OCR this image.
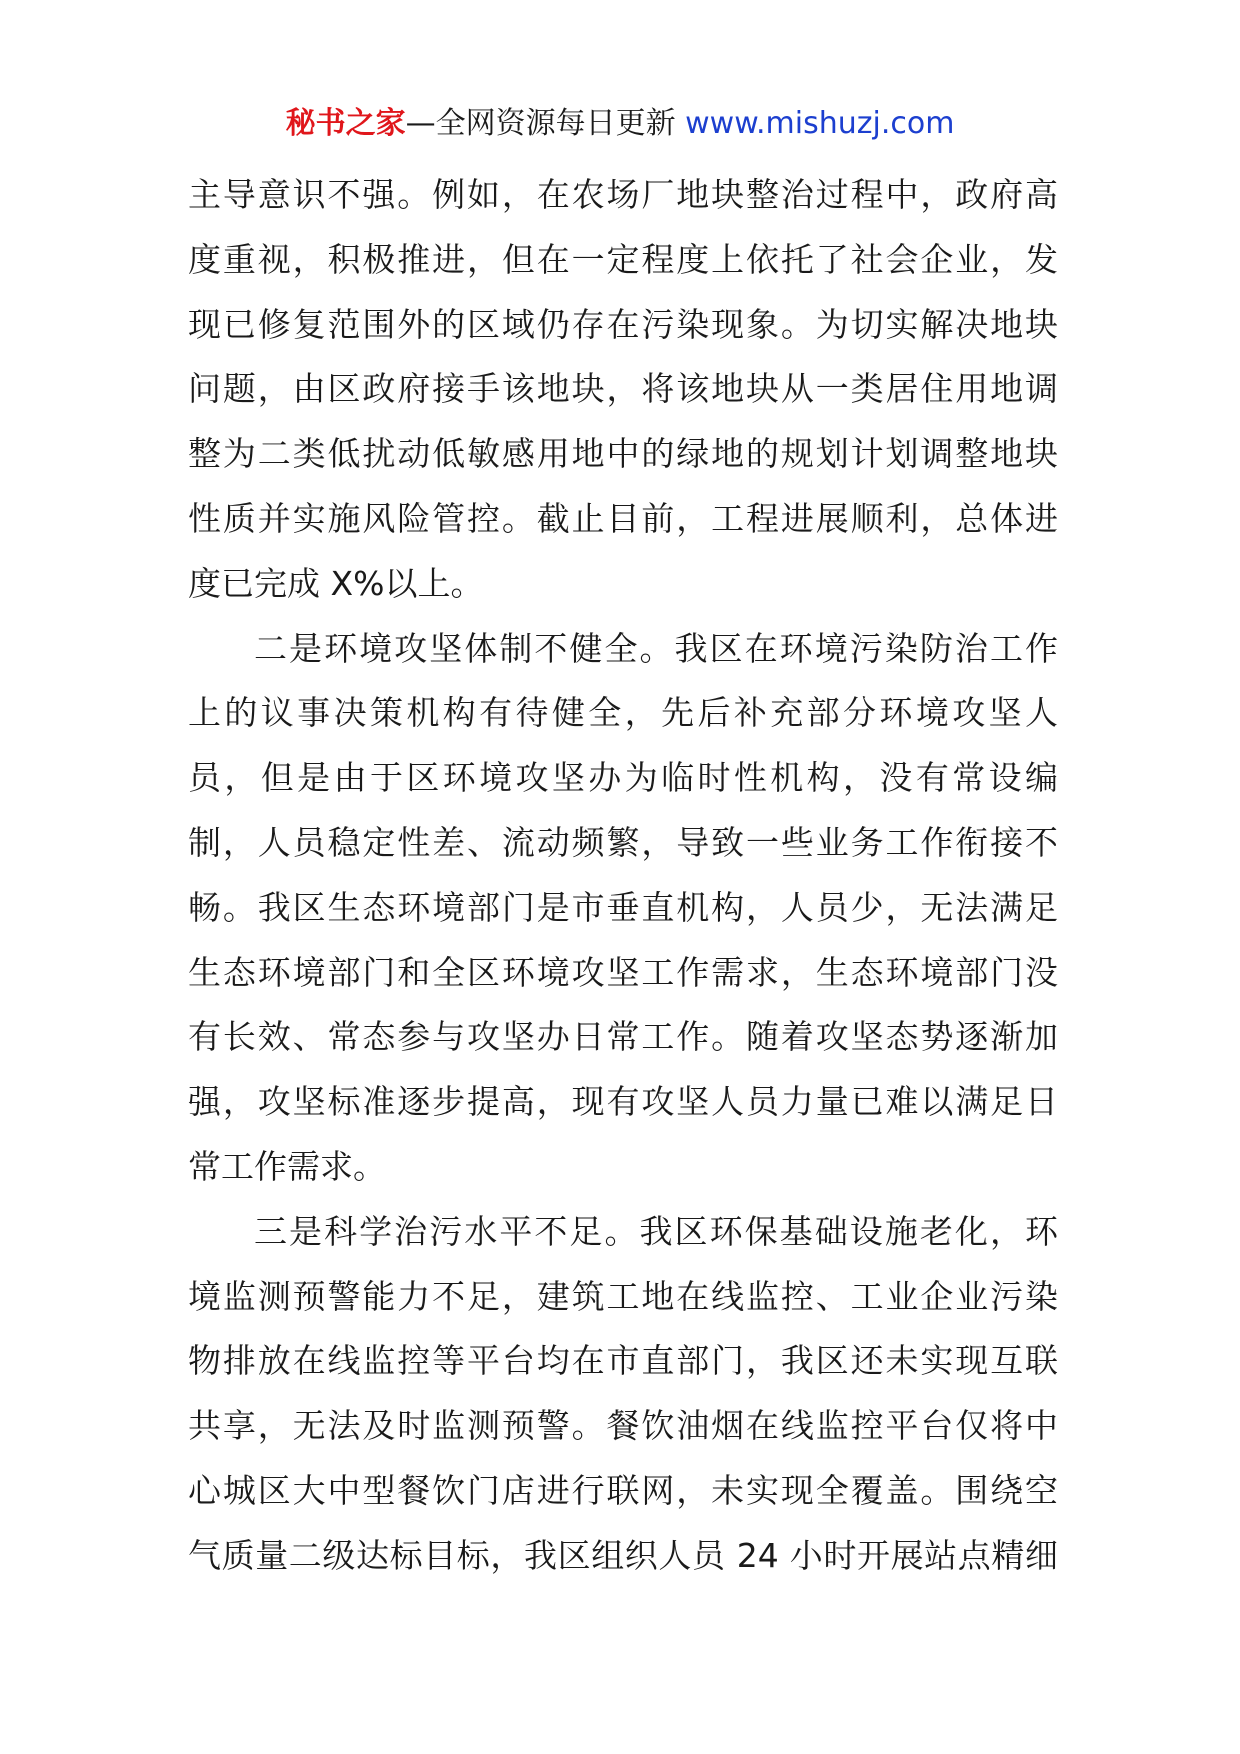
秘书之家—全网资源每日更新 www.mishuzj.com
主导意识不强。例如，在农场厂地块整治过程中，政府高
度重视，积极推进，但在一定程度上依托了社会企业，发
现已修复范围外的区域仍存在污染现象。为切实解决地块
问题，由区政府接手该地块，将该地块从一类居住用地调
整为二类低扰动低敏感用地中的绿地的规划计划调整地块
性质并实施风险管控。截止目前，工程进展顺利，总体进
度已完成 X%以上。
二是环境攻坚体制不健全。我区在环境污染防治工作
上的议事决策机构有待健全，先后补充部分环境攻坚人
员，但是由于区环境攻坚办为临时性机构，没有常设编
制，人员稳定性差、流动频繁，导致一些业务工作衔接不
畅。我区生态环境部门是市垂直机构，人员少，无法满足
生态环境部门和全区环境攻坚工作需求，生态环境部门没
有长效、常态参与攻坚办日常工作。随着攻坚态势逐渐加
强，攻坚标准逐步提高，现有攻坚人员力量已难以满足日
常工作需求。
三是科学治污水平不足。我区环保基础设施老化，环
境监测预警能力不足，建筑工地在线监控、工业企业污染
物排放在线监控等平台均在市直部门，我区还未实现互联
共享，无法及时监测预警。餐饮油烟在线监控平台仅将中
心城区大中型餐饮门店进行联网，未实现全覆盖。围绕空
气质量二级达标目标，我区组织人员 24 小时开展站点精细
